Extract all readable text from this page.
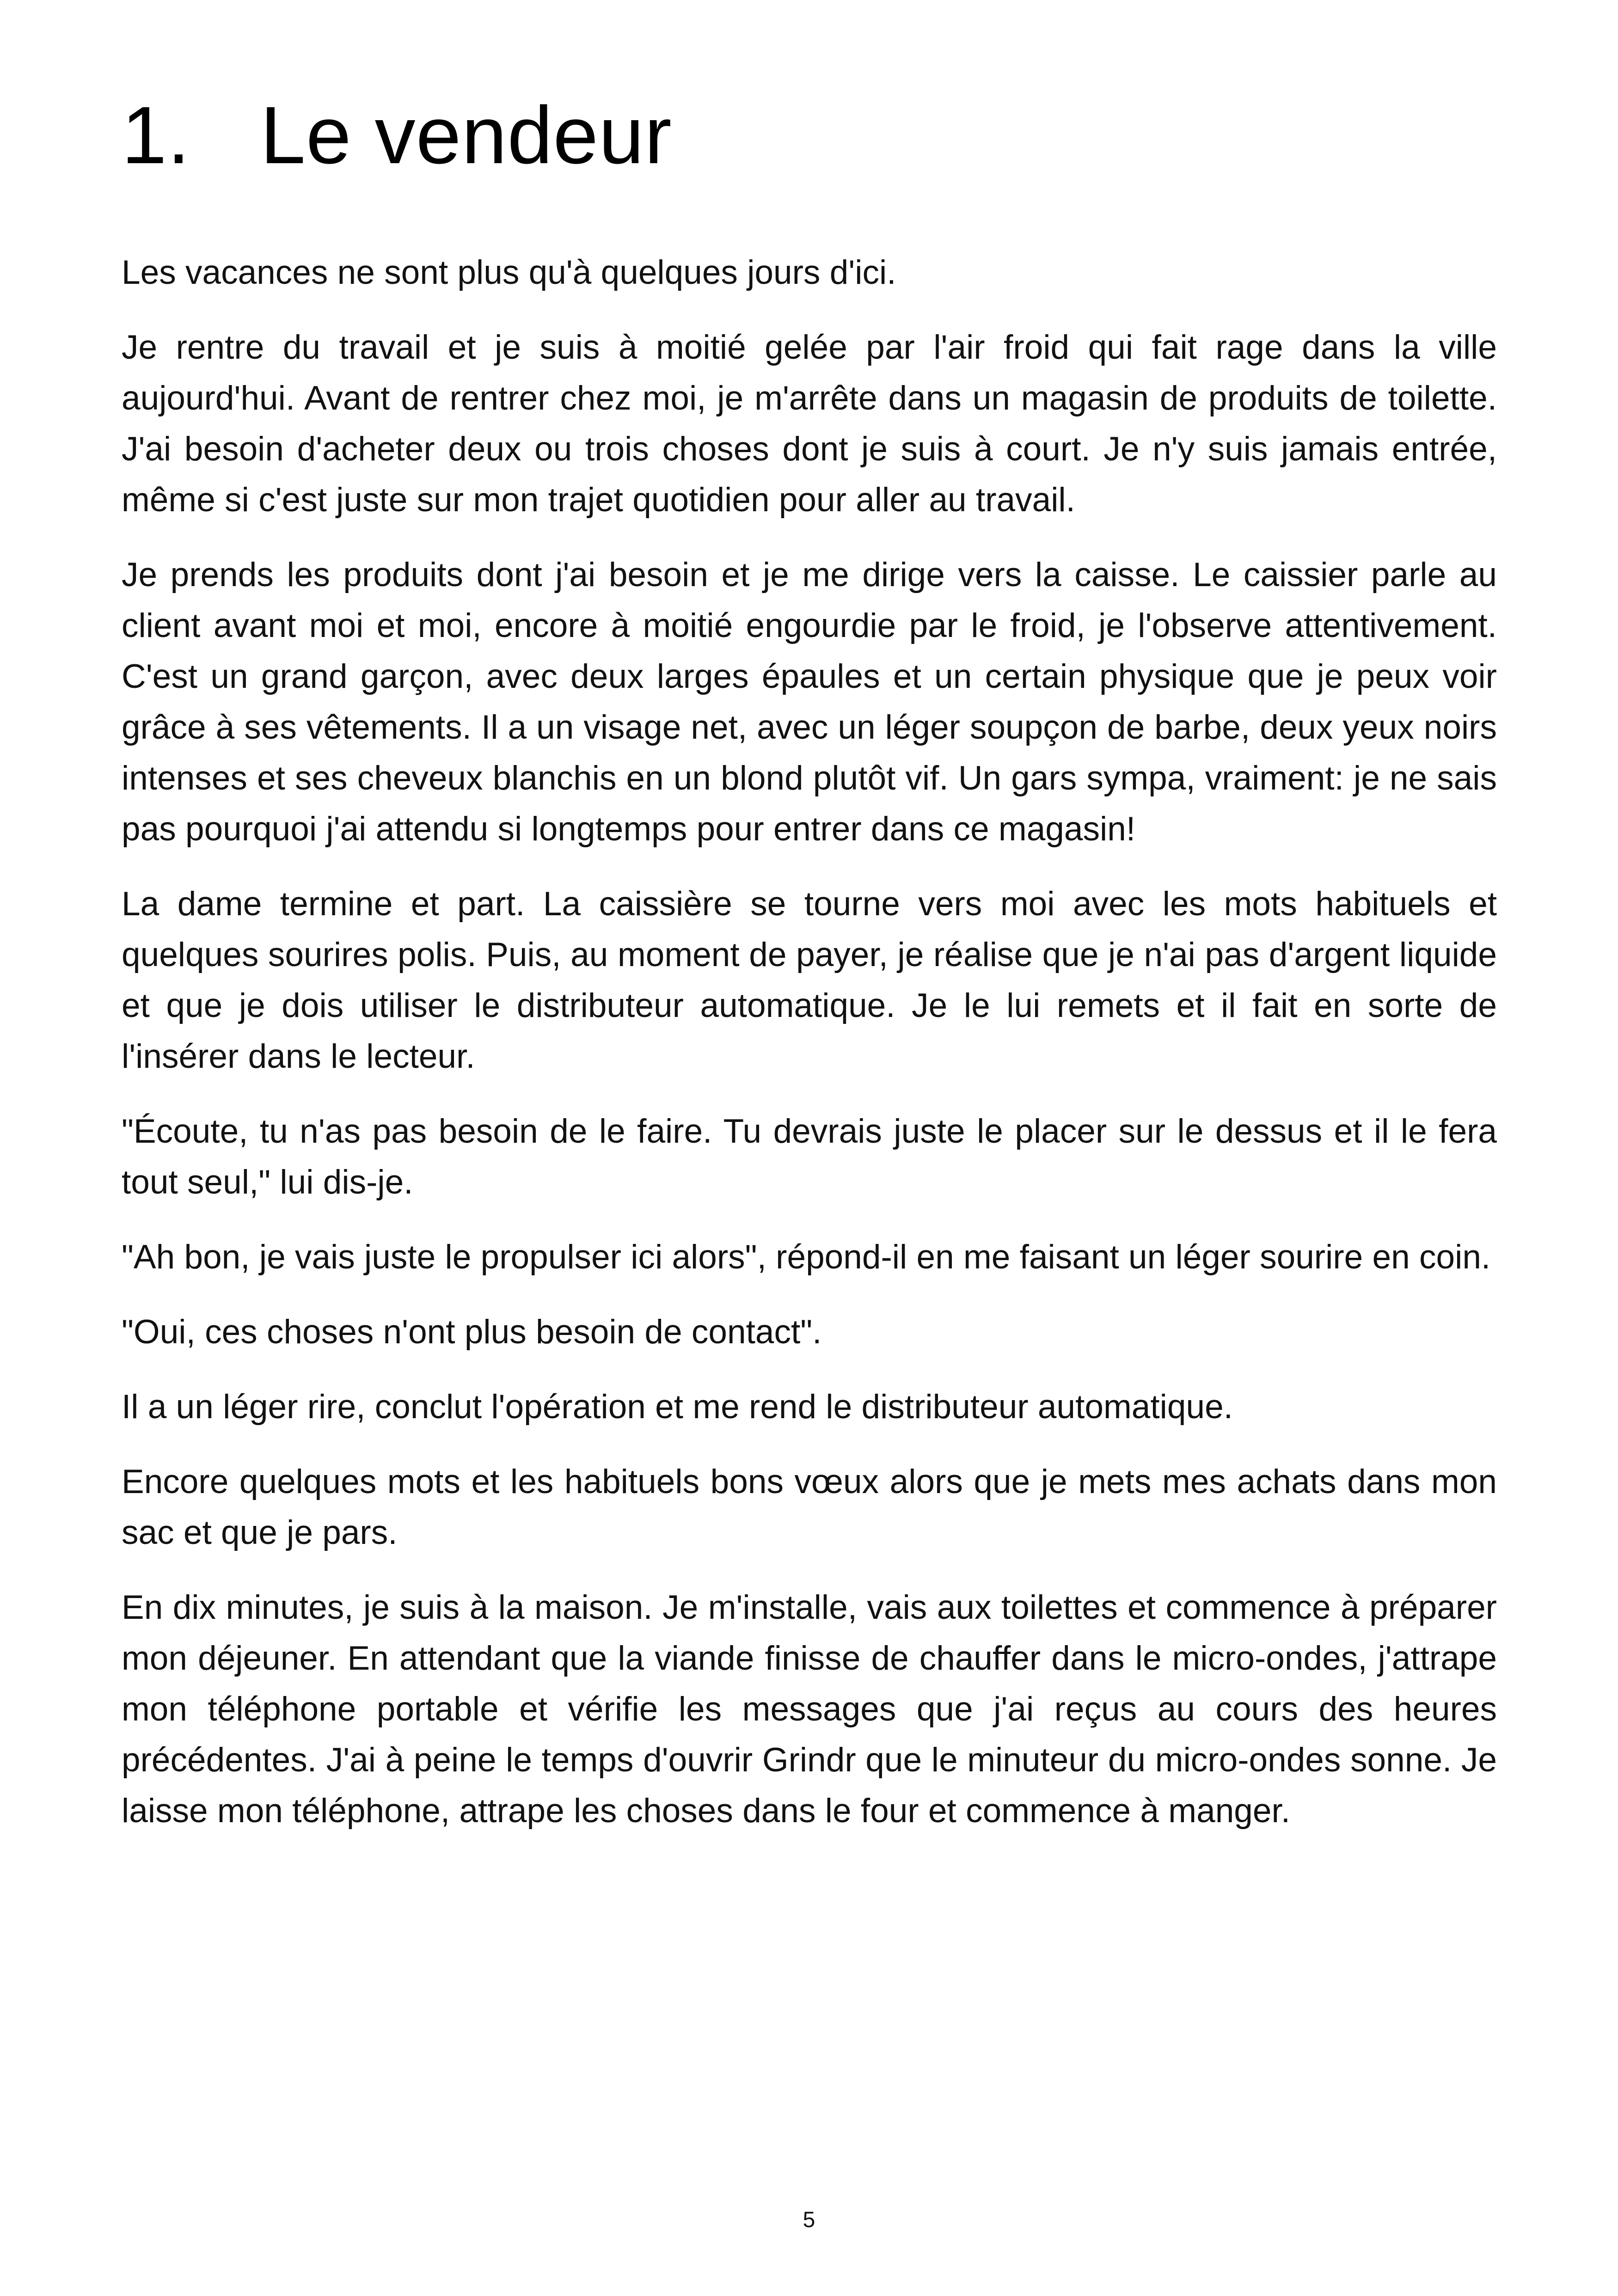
1. Le vendeur

Les vacances ne sont plus qu'à quelques jours d'ici.

Je rentre du travail et je suis à moitié gelée par l'air froid qui fait rage dans la ville aujourd'hui. Avant de rentrer chez moi, je m'arrête dans un magasin de produits de toilette. J'ai besoin d'acheter deux ou trois choses dont je suis à court. Je n'y suis jamais entrée, même si c'est juste sur mon trajet quotidien pour aller au travail.

Je prends les produits dont j'ai besoin et je me dirige vers la caisse. Le caissier parle au client avant moi et moi, encore à moitié engourdie par le froid, je l'observe attentivement. C'est un grand garçon, avec deux larges épaules et un certain physique que je peux voir grâce à ses vêtements. Il a un visage net, avec un léger soupçon de barbe, deux yeux noirs intenses et ses cheveux blanchis en un blond plutôt vif. Un gars sympa, vraiment: je ne sais pas pourquoi j'ai attendu si longtemps pour entrer dans ce magasin!

La dame termine et part. La caissière se tourne vers moi avec les mots habituels et quelques sourires polis. Puis, au moment de payer, je réalise que je n'ai pas d'argent liquide et que je dois utiliser le distributeur automatique. Je le lui remets et il fait en sorte de l'insérer dans le lecteur.

"Écoute, tu n'as pas besoin de le faire. Tu devrais juste le placer sur le dessus et il le fera tout seul," lui dis-je.

"Ah bon, je vais juste le propulser ici alors", répond-il en me faisant un léger sourire en coin.

"Oui, ces choses n'ont plus besoin de contact".

Il a un léger rire, conclut l'opération et me rend le distributeur automatique.

Encore quelques mots et les habituels bons vœux alors que je mets mes achats dans mon sac et que je pars.

En dix minutes, je suis à la maison. Je m'installe, vais aux toilettes et commence à préparer mon déjeuner. En attendant que la viande finisse de chauffer dans le micro-ondes, j'attrape mon téléphone portable et vérifie les messages que j'ai reçus au cours des heures précédentes. J'ai à peine le temps d'ouvrir Grindr que le minuteur du micro-ondes sonne. Je laisse mon téléphone, attrape les choses dans le four et commence à manger.

5
